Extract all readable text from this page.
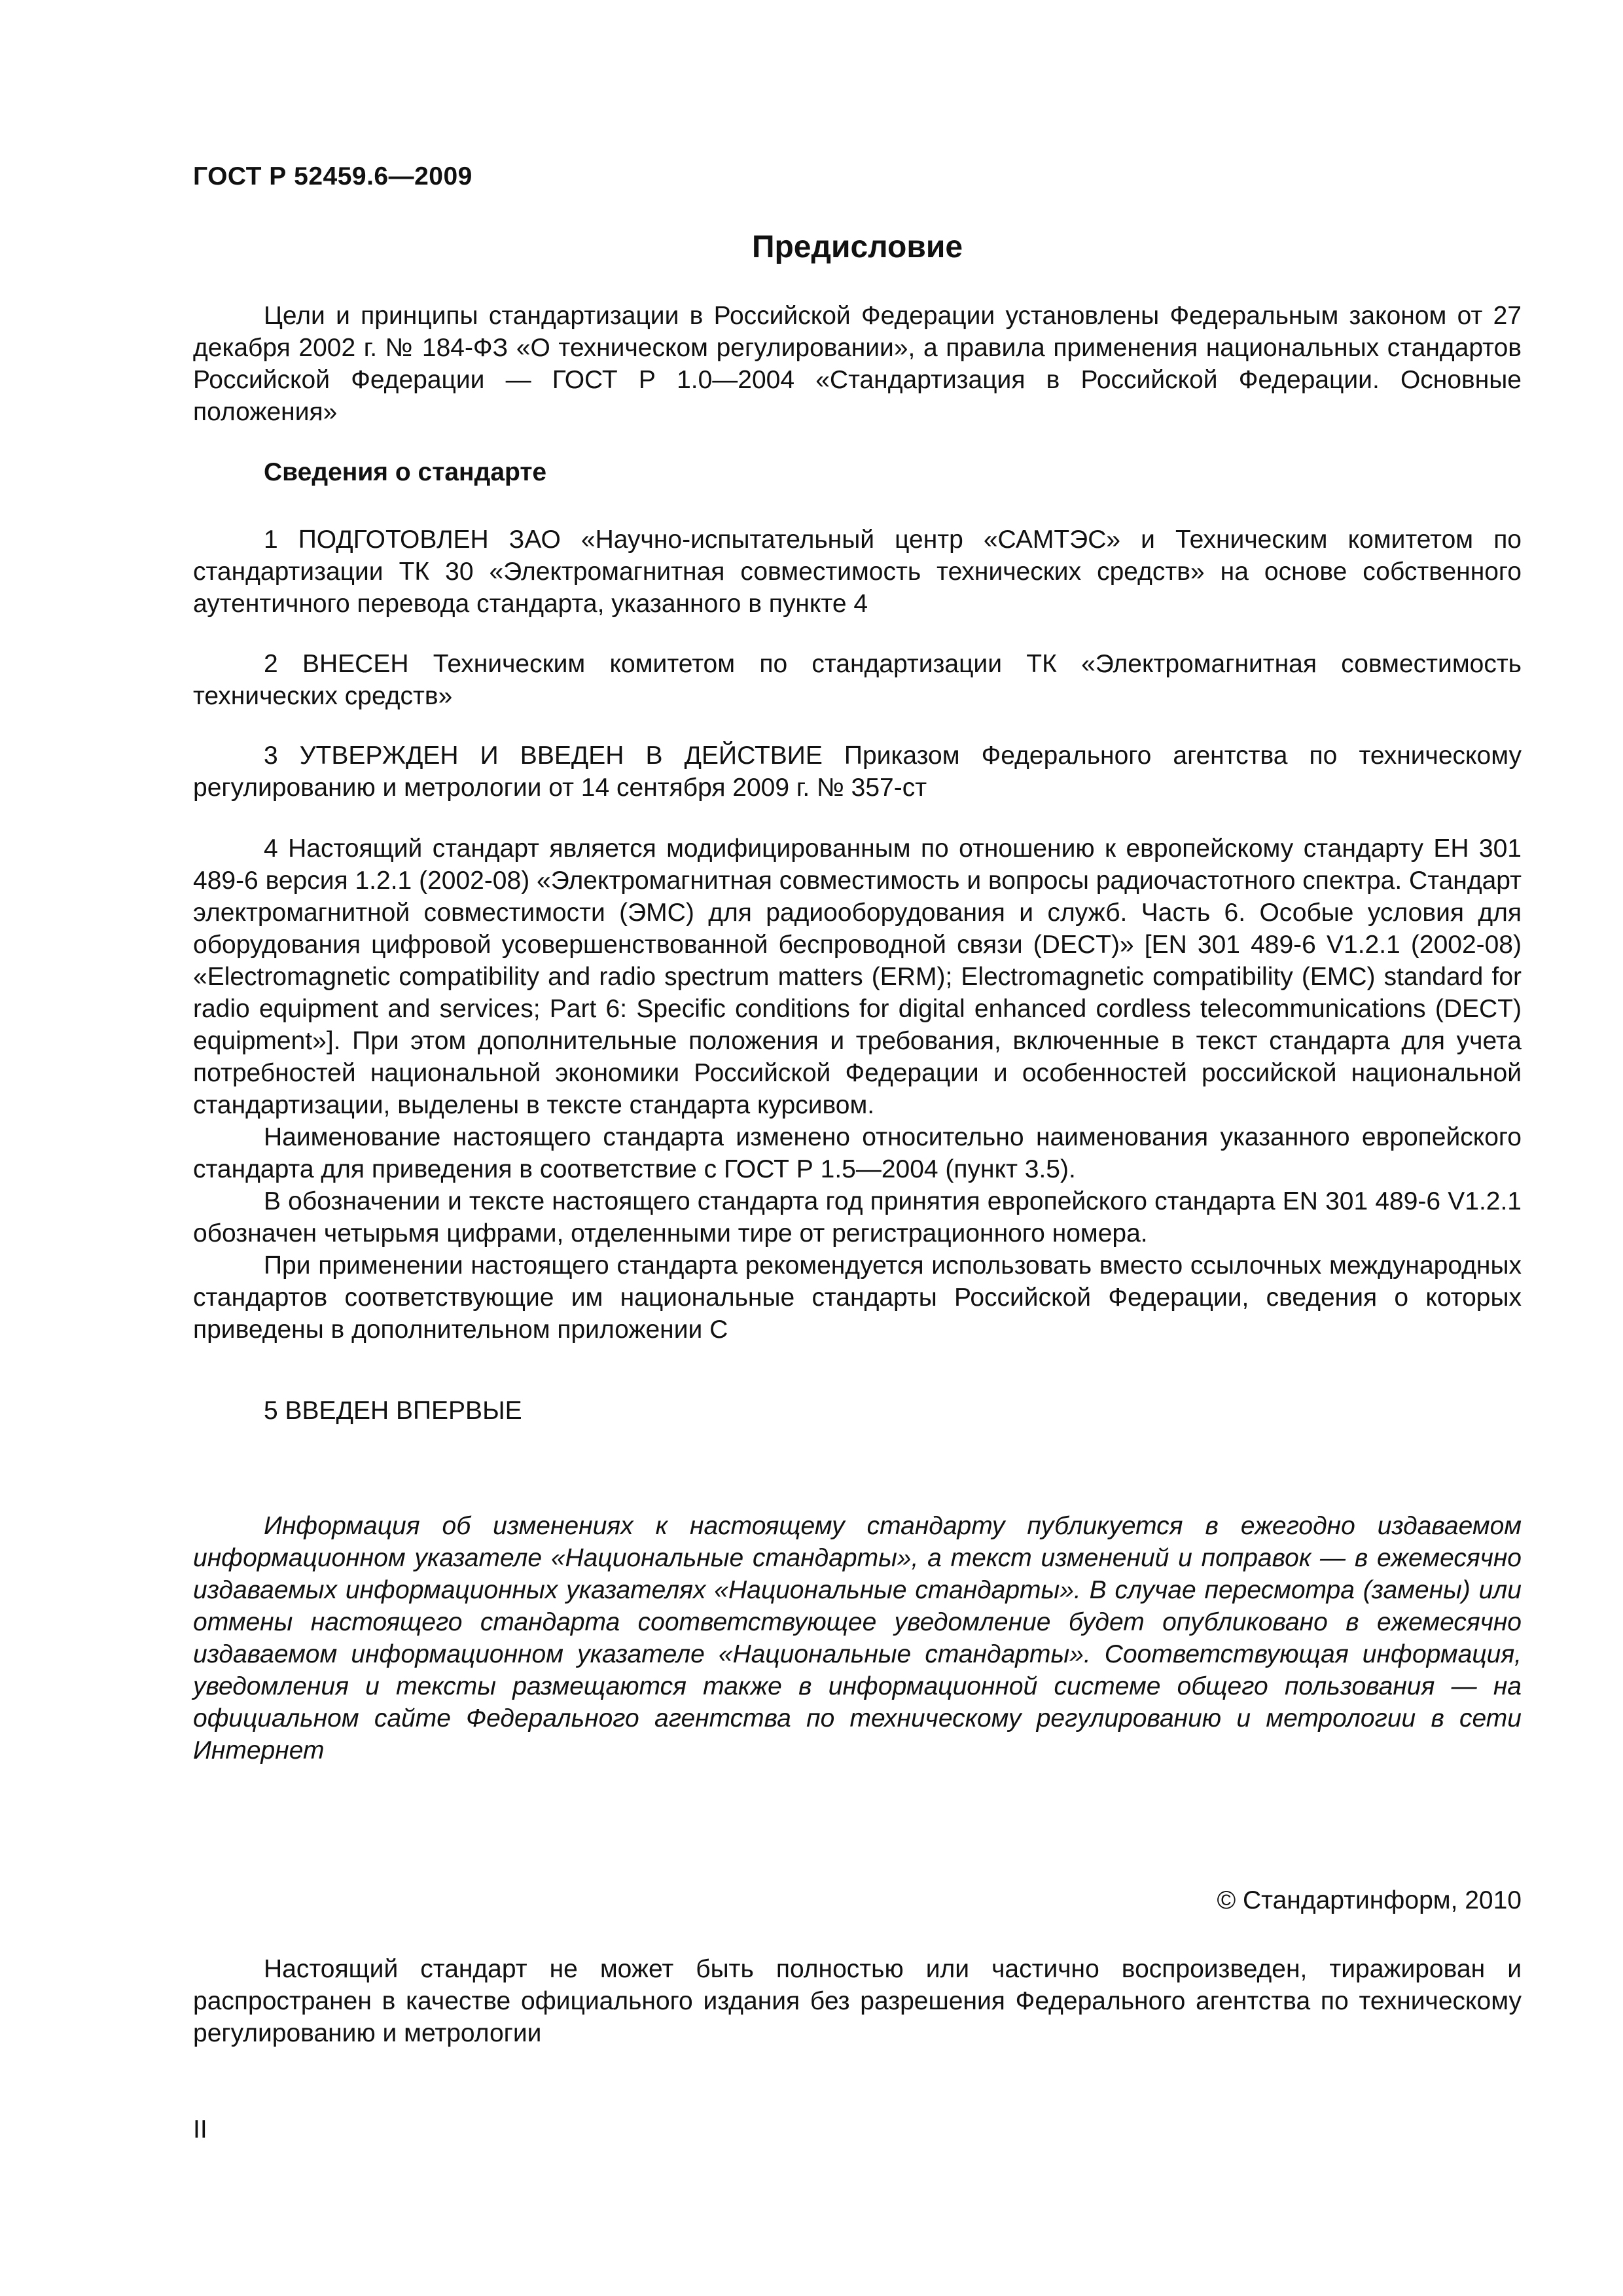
ГОСТ Р 52459.6—2009
Предисловие

Цели и принципы стандартизации в Российской Федерации установлены Федеральным законом от 27 декабря 2002 г. № 184-ФЗ «О техническом регулировании», а правила применения национальных стандартов Российской Федерации — ГОСТ Р 1.0—2004 «Стандартизация в Российской Федерации. Основные положения»

Сведения о стандарте

1 ПОДГОТОВЛЕН ЗАО «Научно-испытательный центр «САМТЭС» и Техническим комитетом по стандартизации ТК 30 «Электромагнитная совместимость технических средств» на основе собственного аутентичного перевода стандарта, указанного в пункте 4

2 ВНЕСЕН Техническим комитетом по стандартизации ТК «Электромагнитная совместимость технических средств»

3 УТВЕРЖДЕН И ВВЕДЕН В ДЕЙСТВИЕ Приказом Федерального агентства по техническому регулированию и метрологии от 14 сентября 2009 г. № 357-ст

4 Настоящий стандарт является модифицированным по отношению к европейскому стандарту ЕН 301 489-6 версия 1.2.1 (2002-08) «Электромагнитная совместимость и вопросы радиочастотного спектра. Стандарт электромагнитной совместимости (ЭМС) для радиооборудования и служб. Часть 6. Особые условия для оборудования цифровой усовершенствованной беспроводной связи (DECT)» [EN 301 489-6 V1.2.1 (2002-08) «Electromagnetic compatibility and radio spectrum matters (ERM); Electromagnetic compatibility (EMC) standard for radio equipment and services; Part 6: Specific conditions for digital enhanced cordless telecommunications (DECT) equipment»]. При этом дополнительные положения и требования, включенные в текст стандарта для учета потребностей национальной экономики Российской Федерации и особенностей российской национальной стандартизации, выделены в тексте стандарта курсивом.

Наименование настоящего стандарта изменено относительно наименования указанного европейского стандарта для приведения в соответствие с ГОСТ Р 1.5—2004 (пункт 3.5).

В обозначении и тексте настоящего стандарта год принятия европейского стандарта EN 301 489-6 V1.2.1 обозначен четырьмя цифрами, отделенными тире от регистрационного номера.

При применении настоящего стандарта рекомендуется использовать вместо ссылочных международных стандартов соответствующие им национальные стандарты Российской Федерации, сведения о которых приведены в дополнительном приложении С

5 ВВЕДЕН ВПЕРВЫЕ

Информация об изменениях к настоящему стандарту публикуется в ежегодно издаваемом информационном указателе «Национальные стандарты», а текст изменений и поправок — в ежемесячно издаваемых информационных указателях «Национальные стандарты». В случае пересмотра (замены) или отмены настоящего стандарта соответствующее уведомление будет опубликовано в ежемесячно издаваемом информационном указателе «Национальные стандарты». Соответствующая информация, уведомления и тексты размещаются также в информационной системе общего пользования — на официальном сайте Федерального агентства по техническому регулированию и метрологии в сети Интернет

© Стандартинформ, 2010

Настоящий стандарт не может быть полностью или частично воспроизведен, тиражирован и распространен в качестве официального издания без разрешения Федерального агентства по техническому регулированию и метрологии

II
